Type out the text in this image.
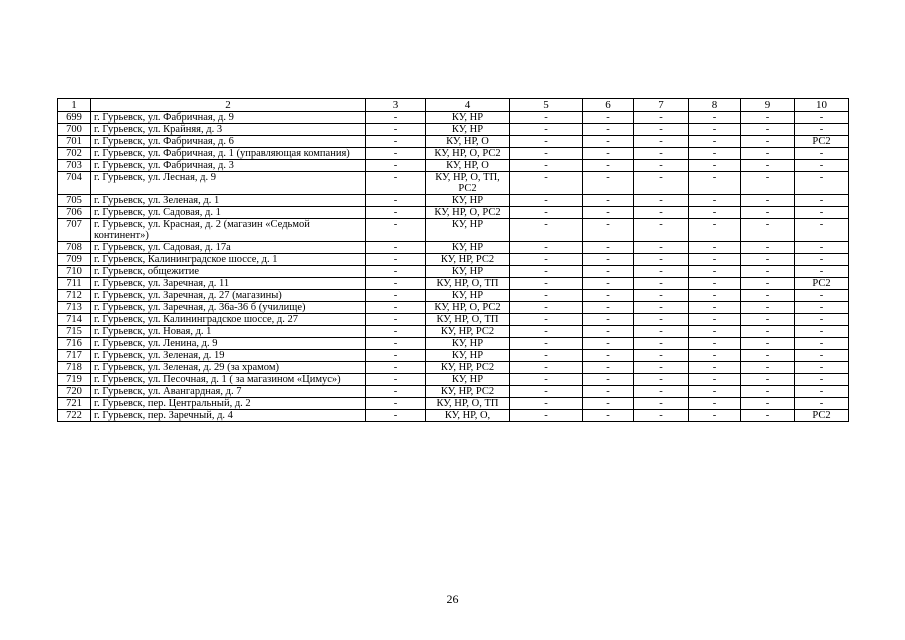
1	2	3	4	5	6	7	8	9	10
699	г. Гурьевск, ул. Фабричная, д. 9	-	КУ, НР	-	-	-	-	-	-
700	г. Гурьевск, ул. Крайняя, д. 3	-	КУ, НР	-	-	-	-	-	-
701	г. Гурьевск, ул. Фабричная, д. 6	-	КУ, НР, О	-	-	-	-	-	РС2
702	г. Гурьевск, ул. Фабричная, д. 1 (управляющая компания)	-	КУ, НР, О, РС2	-	-	-	-	-	-
703	г. Гурьевск, ул. Фабричная, д. 3	-	КУ, НР, О	-	-	-	-	-	-
704	г. Гурьевск, ул. Лесная, д. 9	-	КУ, НР, О, ТП, РС2	-	-	-	-	-	-
705	г. Гурьевск, ул. Зеленая, д. 1	-	КУ, НР	-	-	-	-	-	-
706	г. Гурьевск, ул. Садовая, д. 1	-	КУ, НР, О, РС2	-	-	-	-	-	-
707	г. Гурьевск, ул. Красная, д. 2 (магазин «Седьмой континент»)	-	КУ, НР	-	-	-	-	-	-
708	г. Гурьевск, ул. Садовая, д. 17а	-	КУ, НР	-	-	-	-	-	-
709	г. Гурьевск, Калининградское шоссе, д. 1	-	КУ, НР, РС2	-	-	-	-	-	-
710	г. Гурьевск, общежитие	-	КУ, НР	-	-	-	-	-	-
711	г. Гурьевск, ул. Заречная, д. 11	-	КУ, НР, О, ТП	-	-	-	-	-	РС2
712	г. Гурьевск, ул. Заречная, д. 27 (магазины)	-	КУ, НР	-	-	-	-	-	-
713	г. Гурьевск, ул. Заречная, д. 36а-36 б (училище)	-	КУ, НР, О, РС2	-	-	-	-	-	-
714	г. Гурьевск, ул. Калининградское шоссе, д. 27	-	КУ, НР, О, ТП	-	-	-	-	-	-
715	г. Гурьевск, ул. Новая, д. 1	-	КУ, НР, РС2	-	-	-	-	-	-
716	г. Гурьевск, ул. Ленина, д. 9	-	КУ, НР	-	-	-	-	-	-
717	г. Гурьевск, ул. Зеленая, д. 19	-	КУ, НР	-	-	-	-	-	-
718	г. Гурьевск, ул. Зеленая, д. 29 (за храмом)	-	КУ, НР, РС2	-	-	-	-	-	-
719	г. Гурьевск, ул. Песочная, д. 1 ( за магазином «Цимус»)	-	КУ, НР	-	-	-	-	-	-
720	г. Гурьевск, ул. Авангардная, д. 7	-	КУ, НР, РС2	-	-	-	-	-	-
721	г. Гурьевск, пер. Центральный, д. 2	-	КУ, НР, О, ТП	-	-	-	-	-	-
722	г. Гурьевск, пер. Заречный, д. 4	-	КУ, НР, О,	-	-	-	-	-	РС2
26
